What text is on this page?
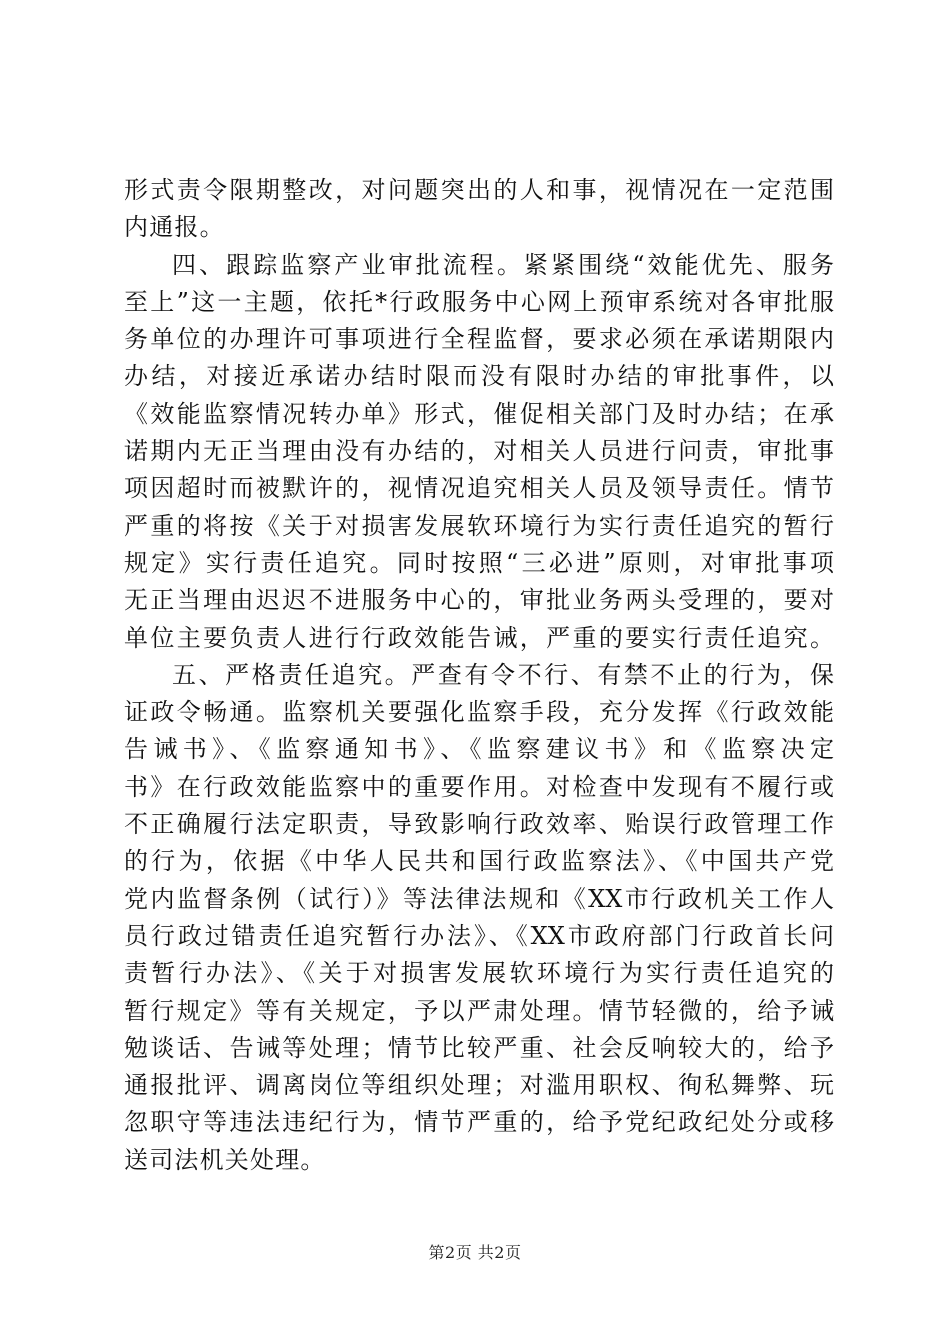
形式责令限期整改，对问题突出的人和事，视情况在一定范围
内通报。
四、跟踪监察产业审批流程。紧紧围绕“效能优先、服务
至上”这一主题，依托*行政服务中心网上预审系统对各审批服
务单位的办理许可事项进行全程监督，要求必须在承诺期限内
办结，对接近承诺办结时限而没有限时办结的审批事件，以
《效能监察情况转办单》形式，催促相关部门及时办结；在承
诺期内无正当理由没有办结的，对相关人员进行问责，审批事
项因超时而被默许的，视情况追究相关人员及领导责任。情节
严重的将按《关于对损害发展软环境行为实行责任追究的暂行
规定》实行责任追究。同时按照“三必进”原则，对审批事项
无正当理由迟迟不进服务中心的，审批业务两头受理的，要对
单位主要负责人进行行政效能告诫，严重的要实行责任追究。
五、严格责任追究。严查有令不行、有禁不止的行为，保
证政令畅通。监察机关要强化监察手段，充分发挥《行政效能
告诫书》、《监察通知书》、《监察建议书》和《监察决定
书》在行政效能监察中的重要作用。对检查中发现有不履行或
不正确履行法定职责，导致影响行政效率、贻误行政管理工作
的行为，依据《中华人民共和国行政监察法》、《中国共产党
党内监督条例（试行）》等法律法规和《XX市行政机关工作人
员行政过错责任追究暂行办法》、《XX市政府部门行政首长问
责暂行办法》、《关于对损害发展软环境行为实行责任追究的
暂行规定》等有关规定，予以严肃处理。情节轻微的，给予诫
勉谈话、告诫等处理；情节比较严重、社会反响较大的，给予
通报批评、调离岗位等组织处理；对滥用职权、徇私舞弊、玩
忽职守等违法违纪行为，情节严重的，给予党纪政纪处分或移
送司法机关处理。
第2页 共2页
